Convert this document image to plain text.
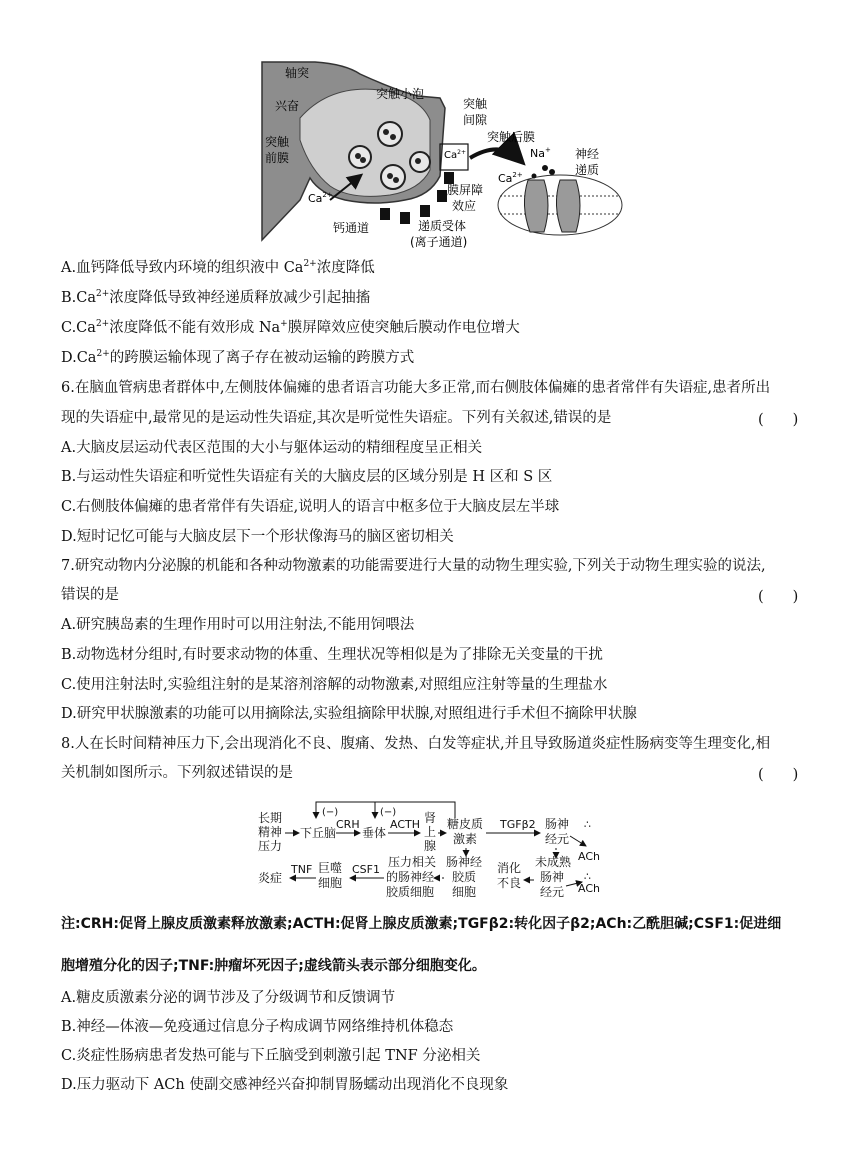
轴突
兴奋
突触小泡
突触
间隙
突触
前膜
突触后膜
Na+ 神经
递质
$Ca^{2+}$
$Ca^{2+}$
$Ca^{2+}$
膜屏障
效应
钙通道	递质受体
(离子通道)
A.血钙降低导致内环境的组织液中 $Ca^{2+}$浓度降低
$B.Ca^{2+}$浓度降低导致神经递质释放减少引起抽搐
$C.Ca^{2+}$浓度降低不能有效形成 Na+膜屏障效应使突触后膜动作电位增大
$D.Ca^{2+}$的跨膜运输体现了离子存在被动运输的跨膜方式
6.在脑血管病患者群体中,左侧肢体偏瘫的患者语言功能大多正常,而右侧肢体偏瘫的患者常伴有失语症,患者所出
现的失语症中,最常见的是运动性失语症,其次是听觉性失语症。下列有关叙述,错误的是	(　　)
A.大脑皮层运动代表区范围的大小与躯体运动的精细程度呈正相关
B.与运动性失语症和听觉性失语症有关的大脑皮层的区域分别是 H 区和 S 区
C.右侧肢体偏瘫的患者常伴有失语症,说明人的语言中枢多位于大脑皮层左半球
D.短时记忆可能与大脑皮层下一个形状像海马的脑区密切相关
7.研究动物内分泌腺的机能和各种动物激素的功能需要进行大量的动物生理实验,下列关于动物生理实验的说法,
错误的是	(　　)
A.研究胰岛素的生理作用时可以用注射法,不能用饲喂法
B.动物选材分组时,有时要求动物的体重、生理状况等相似是为了排除无关变量的干扰
C.使用注射法时,实验组注射的是某溶剂溶解的动物激素,对照组应注射等量的生理盐水
D.研究甲状腺激素的功能可以用摘除法,实验组摘除甲状腺,对照组进行手术但不摘除甲状腺
8.人在长时间精神压力下,会出现消化不良、腹痛、发热、白发等症状,并且导致肠道炎症性肠病变等生理变化,相
关机制如图所示。下列叙述错误的是	(　　)
长期
精神
压力
下丘脑
CRH
垂体
ACTH 肾
上
腺
糖皮质
激素
TGFβ2 肠神
经元
∴
ACh
(−)	(−)
炎症
TNF 巨噬
细胞
CSF1
压力相关
的肠神经
胶质细胞
肠神经
胶质
细胞
消化
不良
未成熟
肠神
经元
∴
ACh
注:CRH:促肾上腺皮质激素释放激素;ACTH:促肾上腺皮质激素;TGFβ2:转化因子β2;ACh:乙酰胆碱;CSF1:促进细
胞增殖分化的因子;TNF:肿瘤坏死因子;虚线箭头表示部分细胞变化。
A.糖皮质激素分泌的调节涉及了分级调节和反馈调节
B.神经—体液—免疫通过信息分子构成调节网络维持机体稳态
C.炎症性肠病患者发热可能与下丘脑受到刺激引起 TNF 分泌相关
D.压力驱动下 ACh 使副交感神经兴奋抑制胃肠蠕动出现消化不良现象
